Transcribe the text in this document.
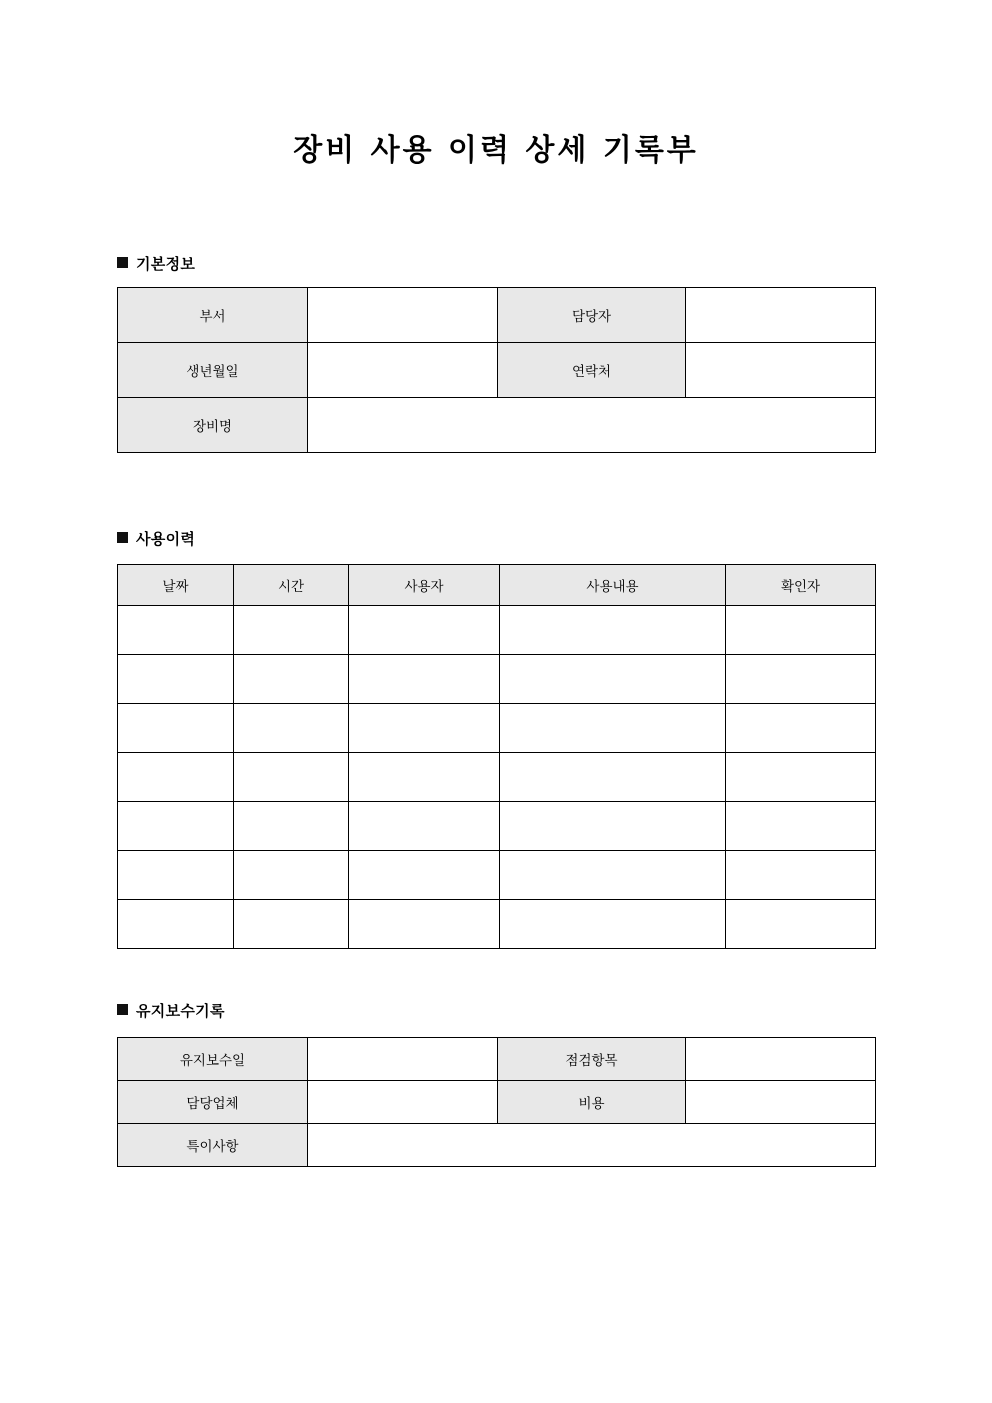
장비 사용 이력 상세 기록부
기본정보
부서		담당자	
생년월일		연락처	
장비명			
사용이력
날짜	시간	사용자	사용내용	확인자

유지보수기록
유지보수일		점검항목	
담당업체		비용	
특이사항			
